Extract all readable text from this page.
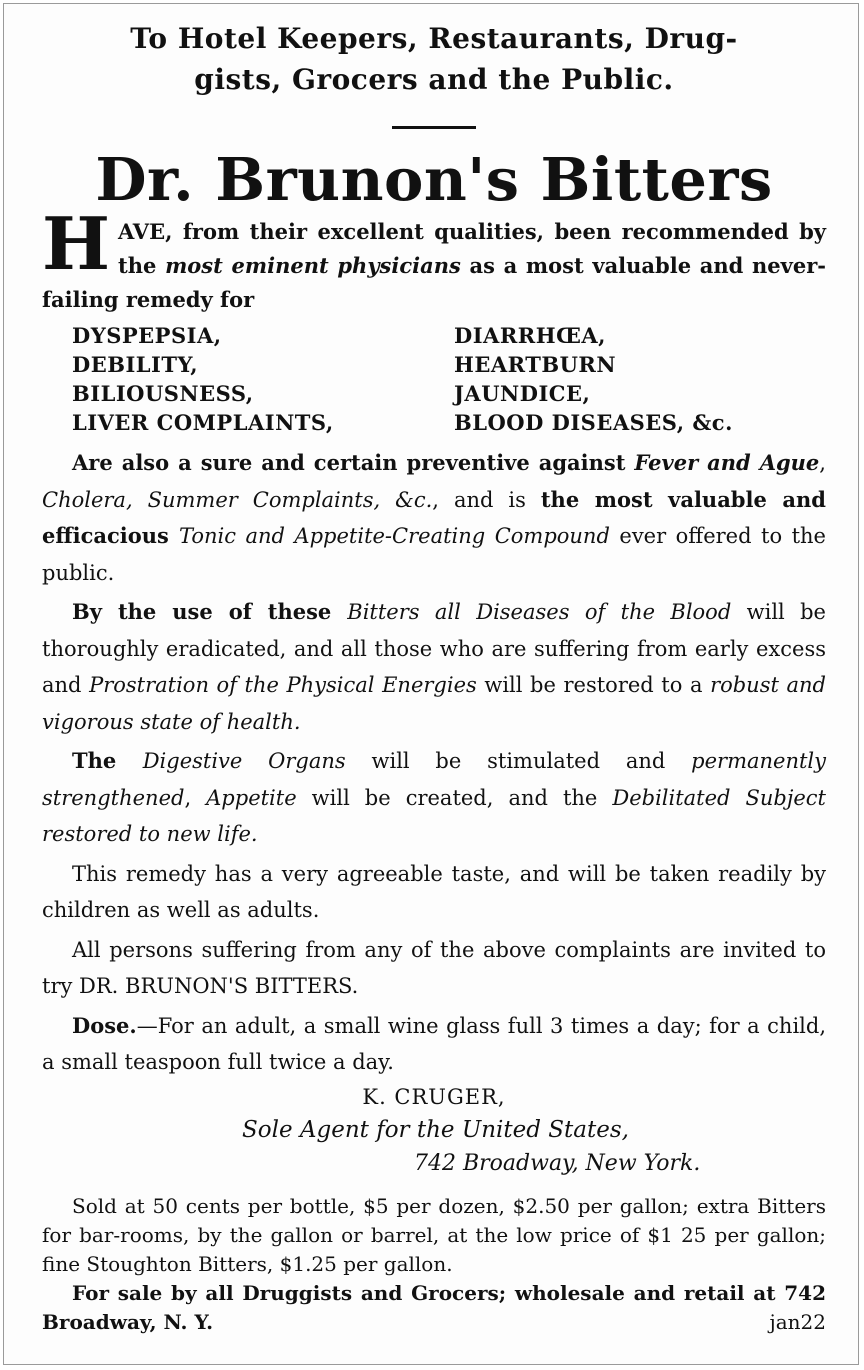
To Hotel Keepers, Restaurants, Drug-

gists, Grocers and the Public.

Dr. Brunon's Bitters

HAVE, from their excellent qualities, been recommended by the most eminent physicians as a most valuable and never-failing remedy for

DYSPEPSIA,	DIARRHŒA,
DEBILITY,	HEARTBURN
BILIOUSNESS,	JAUNDICE,
LIVER COMPLAINTS,	BLOOD DISEASES, &c.

Are also a sure and certain preventive against Fever and Ague, Cholera, Summer Complaints, &c., and is the most valuable and efficacious Tonic and Appetite-Creating Compound ever offered to the public.

By the use of these Bitters all Diseases of the Blood will be thoroughly eradicated, and all those who are suffering from early excess and Prostration of the Physical Energies will be restored to a robust and vigorous state of health.

The Digestive Organs will be stimulated and permanently strengthened, Appetite will be created, and the Debilitated Subject restored to new life.

This remedy has a very agreeable taste, and will be taken readily by children as well as adults.

All persons suffering from any of the above complaints are invited to try DR. BRUNON'S BITTERS.

Dose.—For an adult, a small wine glass full 3 times a day; for a child, a small teaspoon full twice a day.

K. CRUGER,
Sole Agent for the United States,
742 Broadway, New York.

Sold at 50 cents per bottle, $5 per dozen, $2.50 per gallon; extra Bitters for bar-rooms, by the gallon or barrel, at the low price of $1 25 per gallon; fine Stoughton Bitters, $1.25 per gallon.

For sale by all Druggists and Grocers; wholesale and retail at 742 Broadway, N. Y.	jan22
